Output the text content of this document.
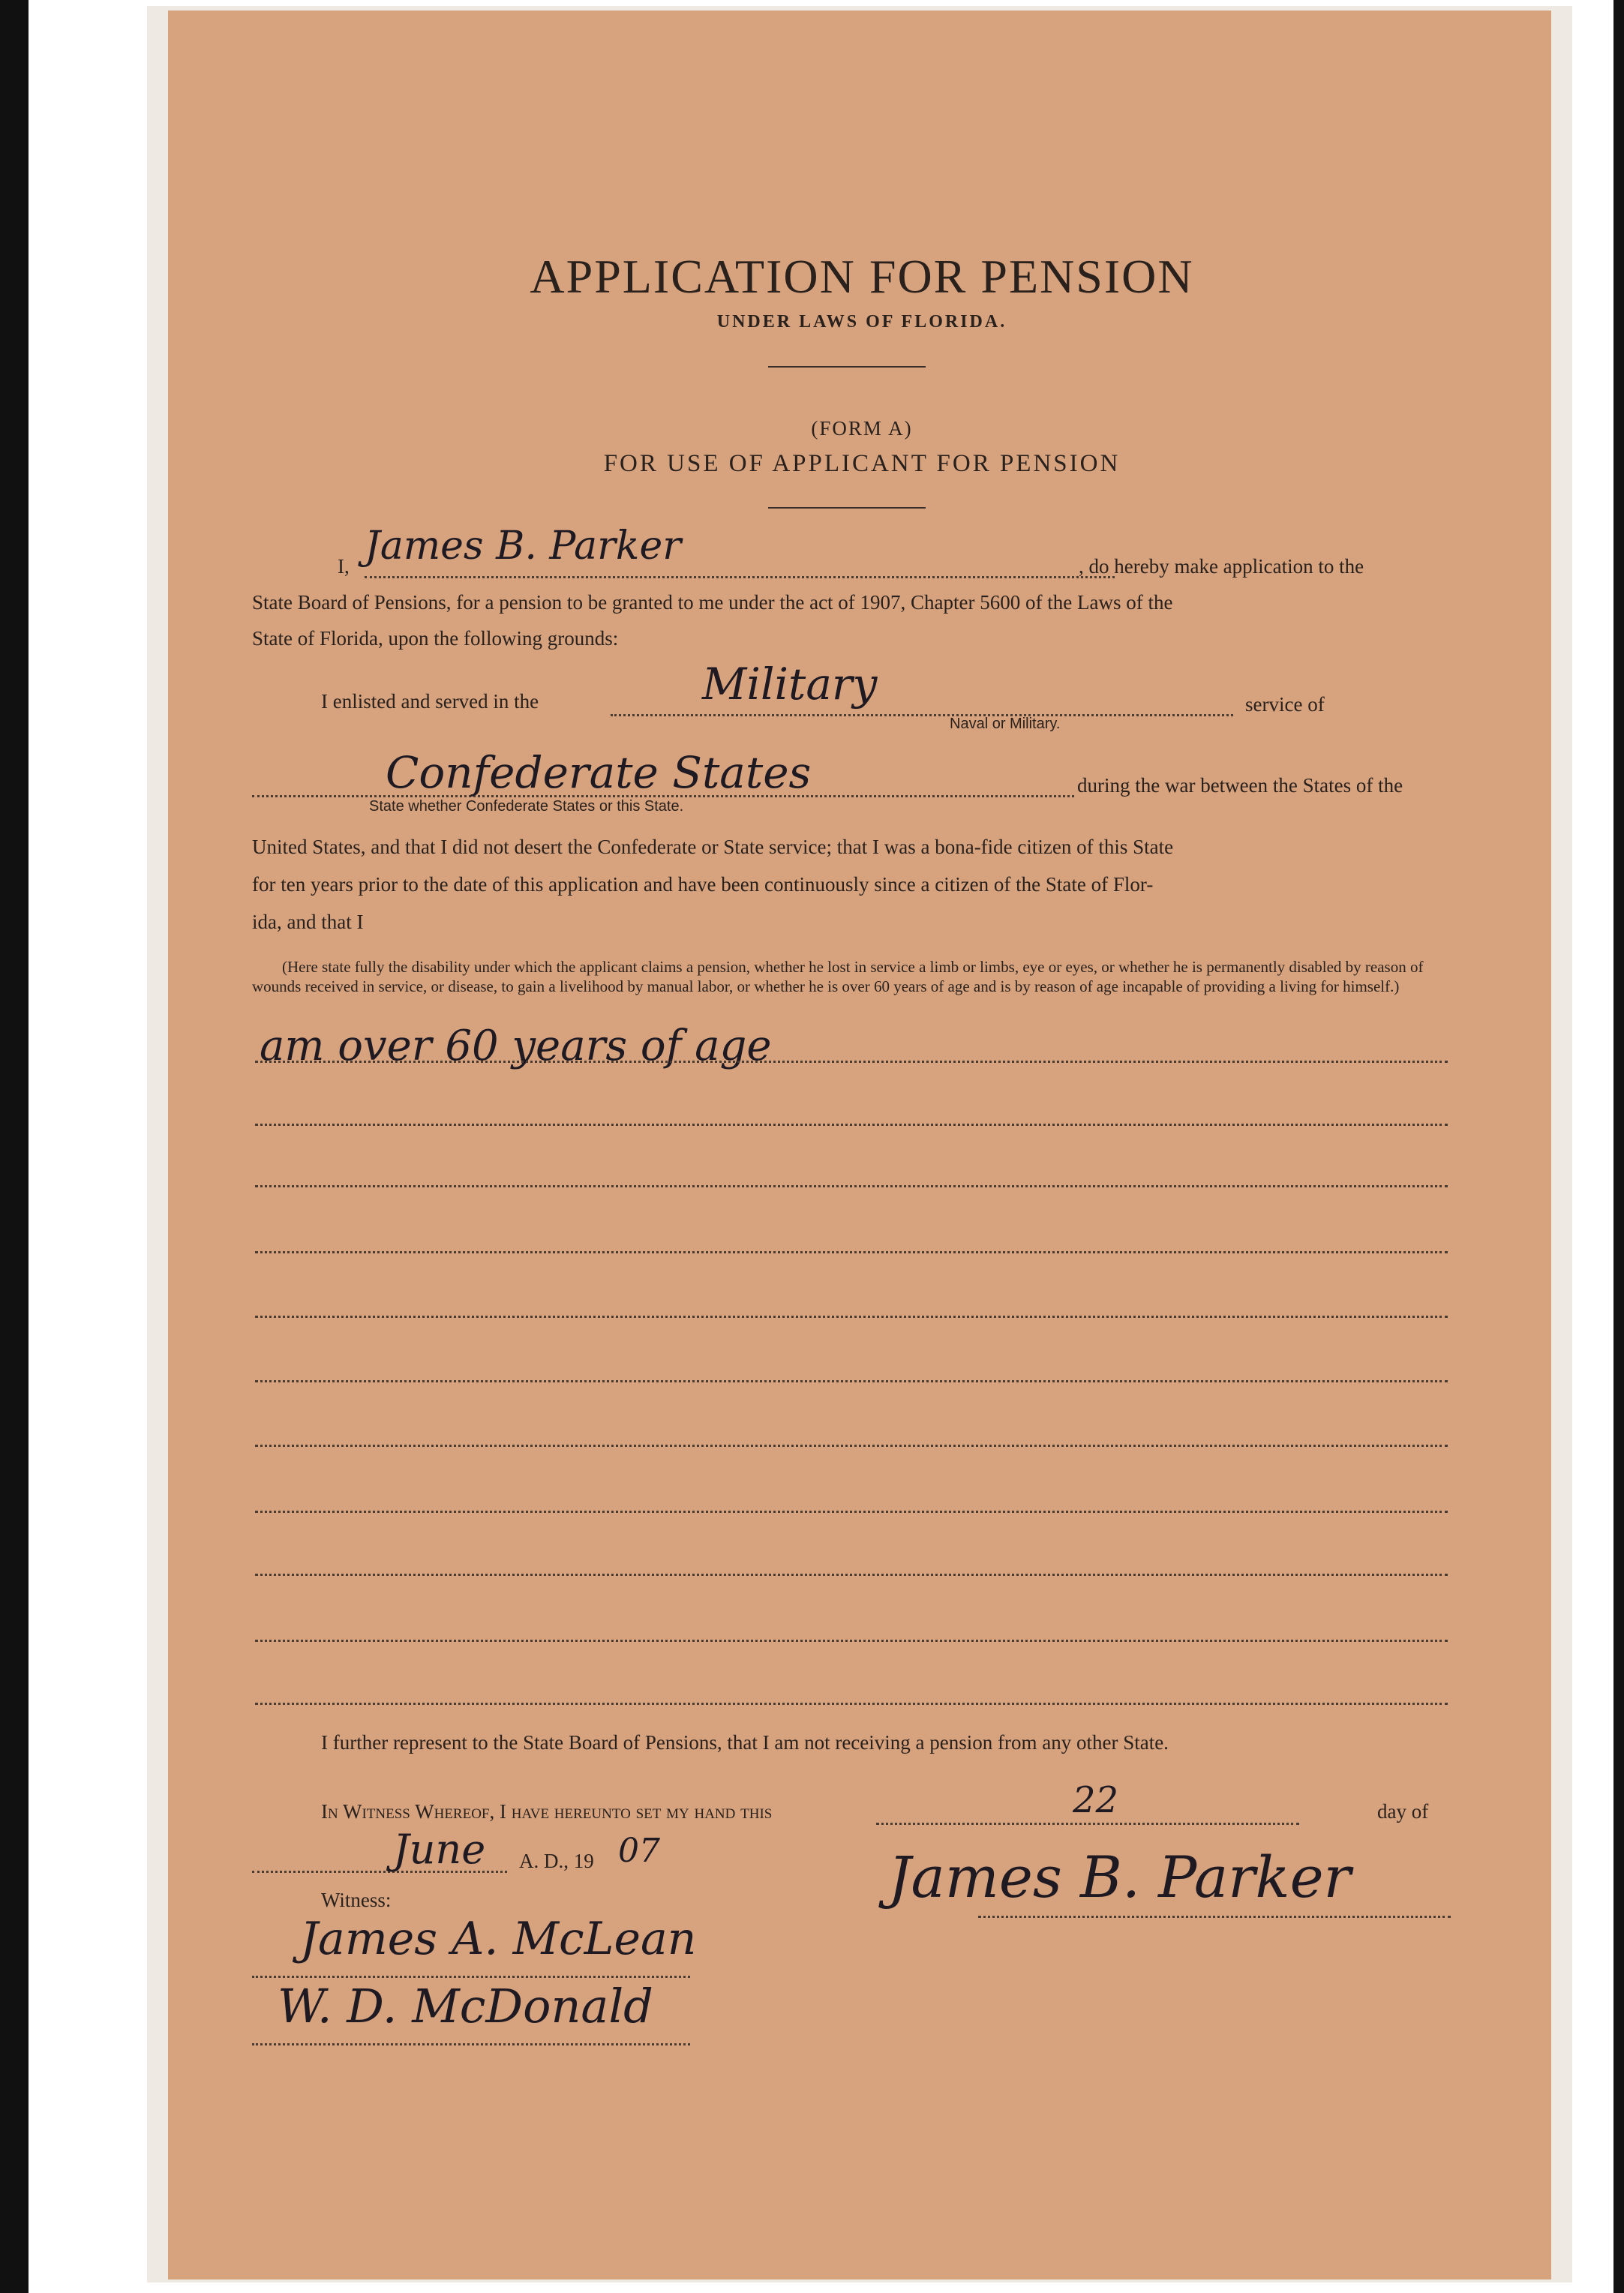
APPLICATION FOR PENSION
UNDER LAWS OF FLORIDA.
(FORM A)
FOR USE OF APPLICANT FOR PENSION
I, James B. Parker	, do hereby make application to the
State Board of Pensions, for a pension to be granted to me under the act of 1907, Chapter 5600 of the Laws of the
State of Florida, upon the following grounds:
I enlisted and served in the	Military	service of
Naval or Military.
Confederate States	during the war between the States of the
State whether Confederate States or this State.
United States, and that I did not desert the Confederate or State service; that I was a bona-fide citizen of this State
for ten years prior to the date of this application and have been continuously since a citizen of the State of Flor-
ida, and that I
(Here state fully the disability under which the applicant claims a pension, whether he lost in service a limb or limbs, eye or eyes, or whether he is permanently disabled by reason of wounds received in service, or disease, to gain a livelihood by manual labor, or whether he is over 60 years of age and is by reason of age incapable of providing a living for himself.)
am over 60 years of age
I further represent to the State Board of Pensions, that I am not receiving a pension from any other State.
In Witness Whereof, I have hereunto set my hand this	22	day of
June A. D., 19 07
Witness:
James A. McLean
W. D. McDonald
James B. Parker
